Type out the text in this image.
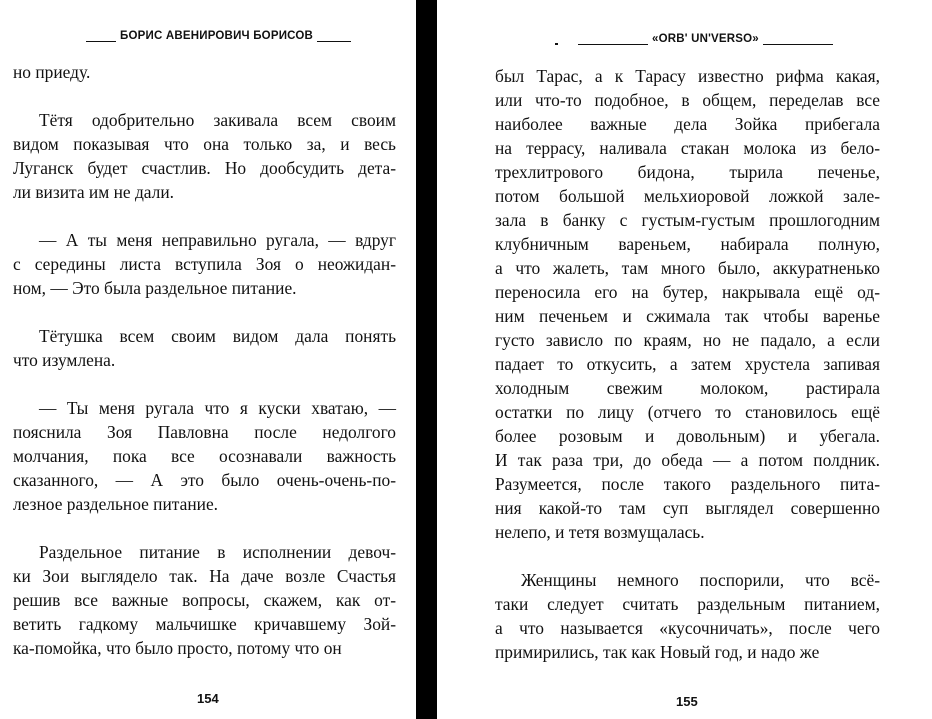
БОРИС АВЕНИРОВИЧ БОРИСОВ
но приеду.
Тётя одобрительно закивала всем своим
видом показывая что она только за, и весь
Луганск будет счастлив. Но дообсудить дета-
ли визита им не дали.
— А ты меня неправильно ругала, — вдруг
с середины листа вступила Зоя о неожидан-
ном, — Это была раздельное питание.
Тётушка всем своим видом дала понять
что изумлена.
— Ты меня ругала что я куски хватаю, —
пояснила Зоя Павловна после недолгого
молчания, пока все осознавали важность
сказанного, — А это было очень-очень-по-
лезное раздельное питание.
Раздельное питание в исполнении девоч-
ки Зои выглядело так. На даче возле Счастья
решив все важные вопросы, скажем, как от-
ветить гадкому мальчишке кричавшему Зой-
ка-помойка, что было просто, потому что он
154
«ORB' UN'VERSO»
был Тарас, а к Тарасу известно рифма какая,
или что-то подобное, в общем, переделав все
наиболее важные дела Зойка прибегала
на террасу, наливала стакан молока из бело-
трехлитрового бидона, тырила печенье,
потом большой мельхиоровой ложкой зале-
зала в банку с густым-густым прошлогодним
клубничным вареньем, набирала полную,
а что жалеть, там много было, аккуратненько
переносила его на бутер, накрывала ещё од-
ним печеньем и сжимала так чтобы варенье
густо зависло по краям, но не падало, а если
падает то откусить, а затем хрустела запивая
холодным свежим молоком, растирала
остатки по лицу (отчего то становилось ещё
более розовым и довольным) и убегала.
И так раза три, до обеда — а потом полдник.
Разумеется, после такого раздельного пита-
ния какой-то там суп выглядел совершенно
нелепо, и тетя возмущалась.
Женщины немного поспорили, что всё-
таки следует считать раздельным питанием,
а что называется «кусочничать», после чего
примирились, так как Новый год, и надо же
155
